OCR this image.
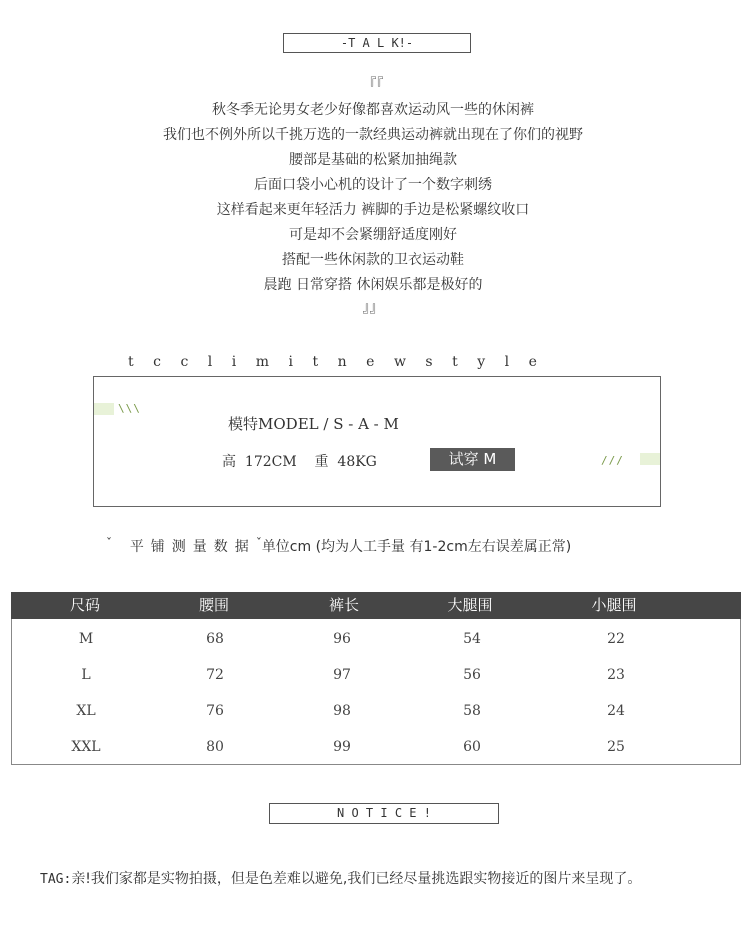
-T A L K!-
『『
秋冬季无论男女老少好像都喜欢运动风一些的休闲裤
我们也不例外所以千挑万选的一款经典运动裤就出现在了你们的视野
腰部是基础的松紧加抽绳款
后面口袋小心机的设计了一个数字刺绣
这样看起来更年轻活力 裤脚的手边是松紧螺纹收口
可是却不会紧绷舒适度刚好
搭配一些休闲款的卫衣运动鞋
晨跑 日常穿搭 休闲娱乐都是极好的
』』
tcclimitnewstyle
\\\
模特MODEL / S - A - M
高 172CM 重 48KG	试穿 M	///
ˇ 平铺测量数据ˇ单位cm (均为人工手量 有1-2cm左右误差属正常)
尺码	腰围	裤长	大腿围	小腿围
M	68	96	54	22
L	72	97	56	23
XL	76	98	58	24
XXL	80	99	60	25
N O T I C E !
TAG:亲!我们家都是实物拍摄，但是色差难以避免,我们已经尽量挑选跟实物接近的图片来呈现了。
